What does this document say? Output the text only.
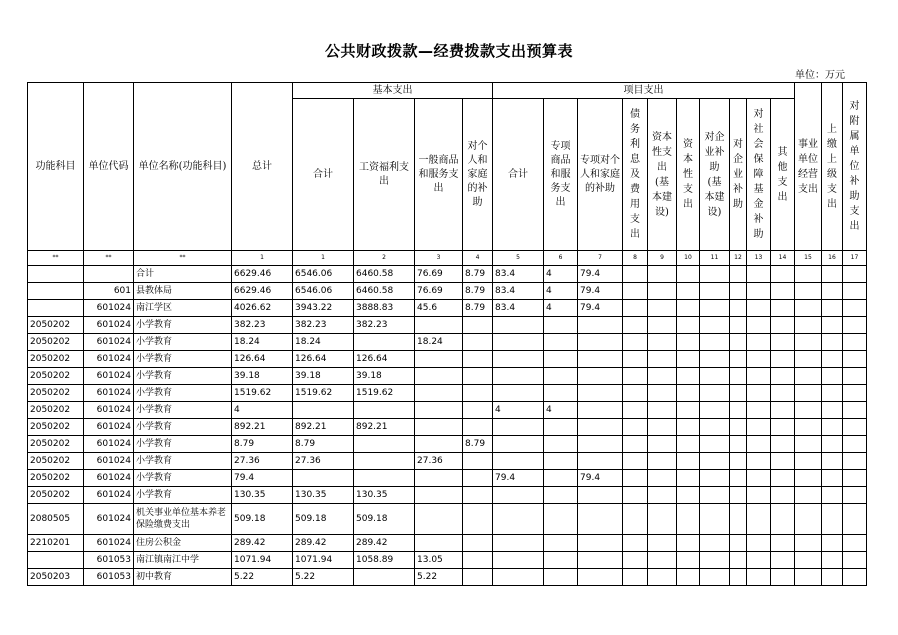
公共财政拨款—经费拨款支出预算表
单位：万元
功能科目	单位代码	单位名称(功能科目)	总计	基本支出				项目支出										事业单位经营支出	上缴上级支出	对附属单位补助支出
				合计	工资福利支出	一般商品和服务支出	对个人和家庭的补助	合计	专项商品和服务支出	专项对个人和家庭的补助	债务利息及费用支出	资本性支出(基本建设)	资本性支出	对企业补助(基本建设)	对企业补助	对社会保障基金补助	其他支出			
**	**	**	1	1	2	3	4	5	6	7	8	9	10	11	12	13	14	15	16	17
		合计	6629.46	6546.06	6460.58	76.69	8.79	83.4	4	79.4										
	601	县教体局	6629.46	6546.06	6460.58	76.69	8.79	83.4	4	79.4										
	601024	南江学区	4026.62	3943.22	3888.83	45.6	8.79	83.4	4	79.4										
2050202	601024	小学教育	382.23	382.23	382.23															
2050202	601024	小学教育	18.24	18.24		18.24														
2050202	601024	小学教育	126.64	126.64	126.64															
2050202	601024	小学教育	39.18	39.18	39.18															
2050202	601024	小学教育	1519.62	1519.62	1519.62															
2050202	601024	小学教育	4					4	4											
2050202	601024	小学教育	892.21	892.21	892.21															
2050202	601024	小学教育	8.79	8.79			8.79													
2050202	601024	小学教育	27.36	27.36		27.36														
2050202	601024	小学教育	79.4					79.4		79.4										
2050202	601024	小学教育	130.35	130.35	130.35															
2080505	601024	机关事业单位基本养老保险缴费支出	509.18	509.18	509.18															
2210201	601024	住房公积金	289.42	289.42	289.42															
	601053	南江镇南江中学	1071.94	1071.94	1058.89	13.05														
2050203	601053	初中教育	5.22	5.22		5.22														
